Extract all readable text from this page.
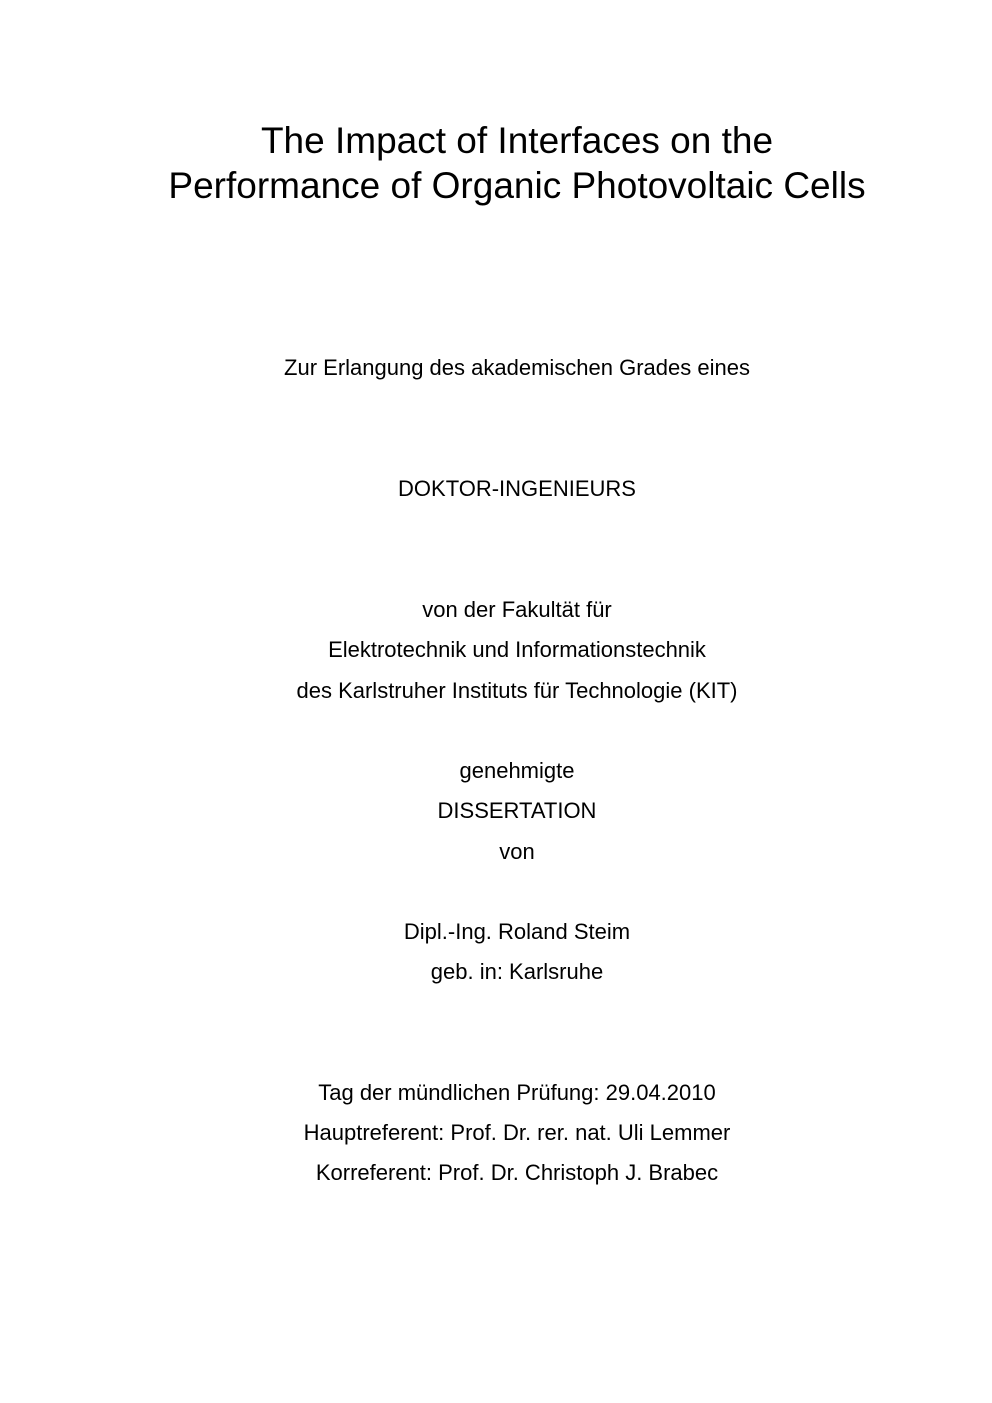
The Impact of Interfaces on the
Performance of Organic Photovoltaic Cells
Zur Erlangung des akademischen Grades eines
DOKTOR-INGENIEURS
von der Fakultät für
Elektrotechnik und Informationstechnik
des Karlstruher Instituts für Technologie (KIT)
genehmigte
DISSERTATION
von
Dipl.-Ing. Roland Steim
geb. in: Karlsruhe
Tag der mündlichen Prüfung: 29.04.2010
Hauptreferent: Prof. Dr. rer. nat. Uli Lemmer
Korreferent: Prof. Dr. Christoph J. Brabec
